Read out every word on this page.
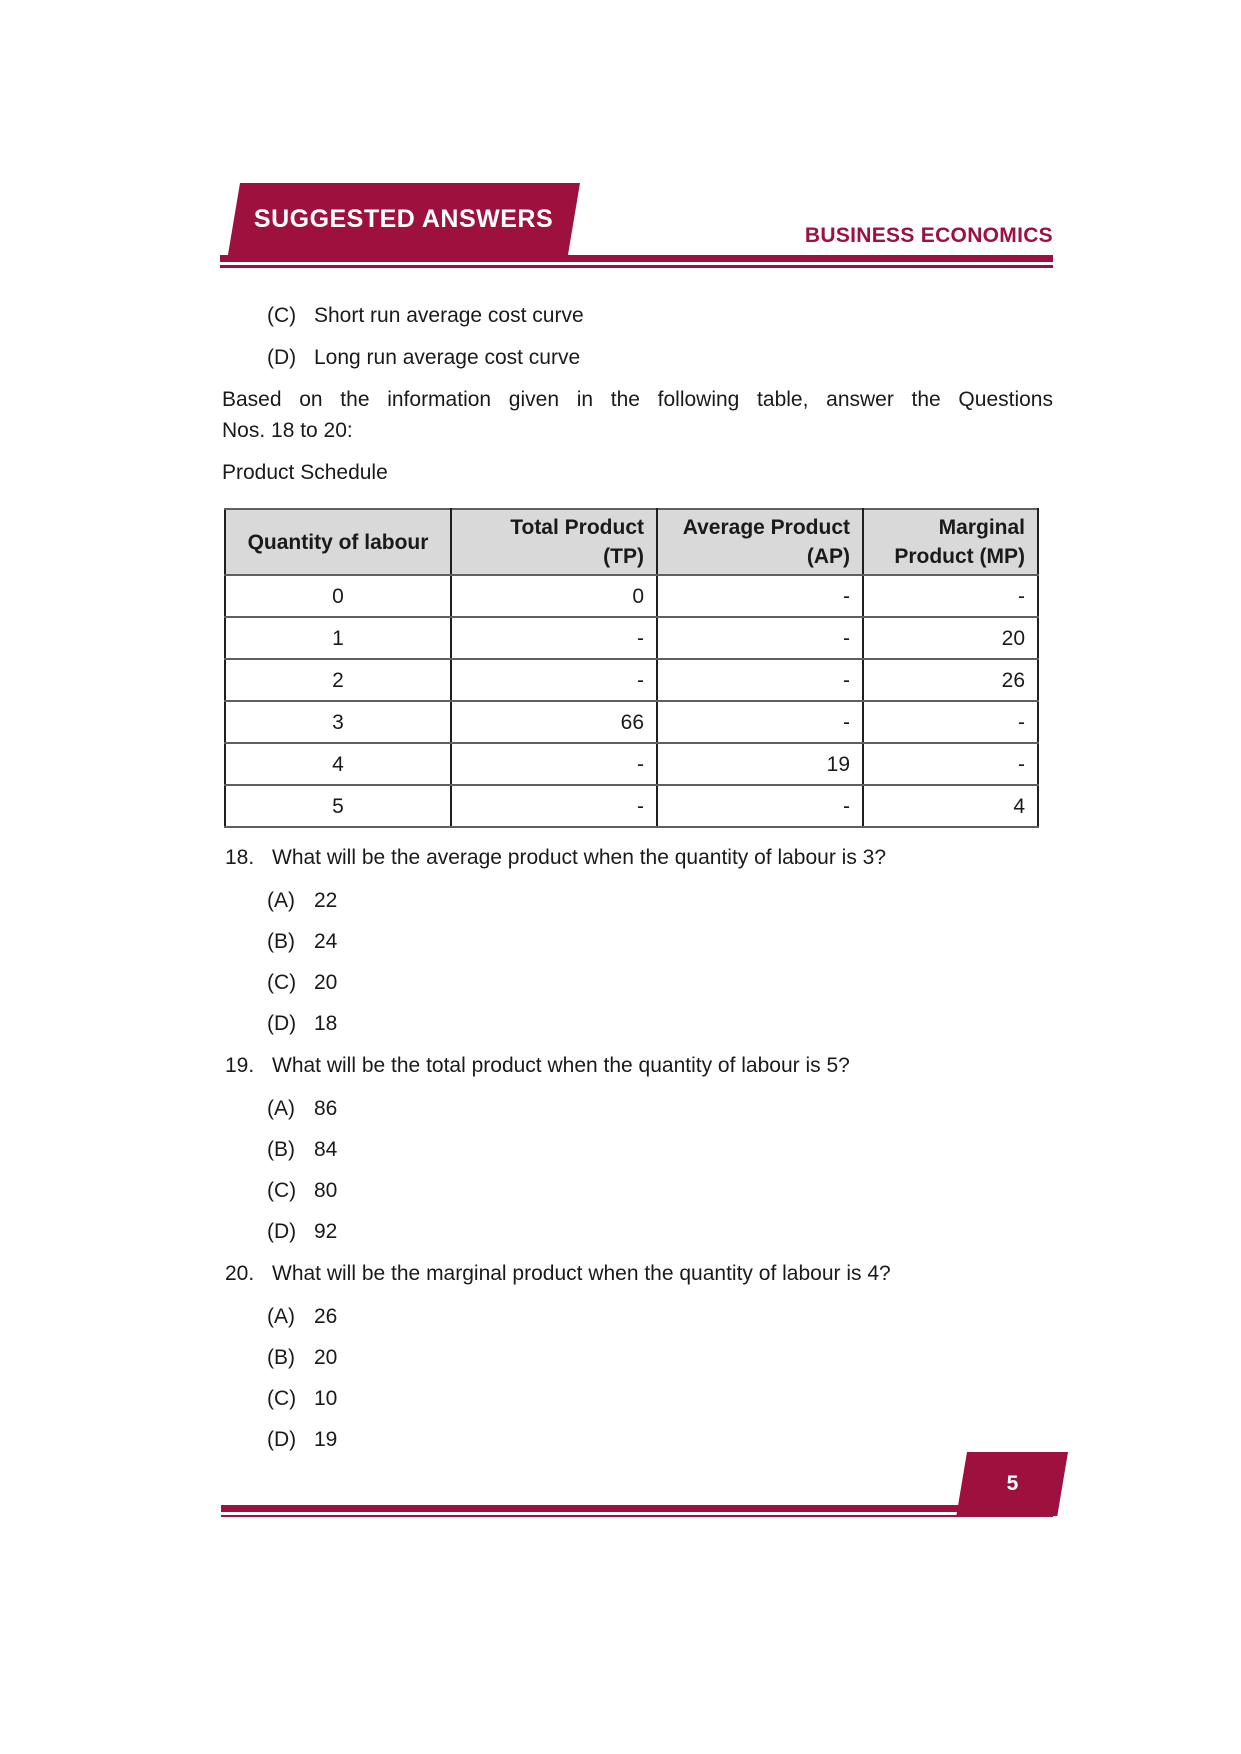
SUGGESTED ANSWERS
BUSINESS ECONOMICS
(C) Short run average cost curve
(D) Long run average cost curve
Based on the information given in the following table, answer the Questions
Nos. 18 to 20:
Product Schedule
Quantity of labour	Total Product (TP)	Average Product (AP)	Marginal Product (MP)
0	0	-	-
1	-	-	20
2	-	-	26
3	66	-	-
4	-	19	-
5	-	-	4
18. What will be the average product when the quantity of labour is 3?
(A) 22
(B) 24
(C) 20
(D) 18
19. What will be the total product when the quantity of labour is 5?
(A) 86
(B) 84
(C) 80
(D) 92
20. What will be the marginal product when the quantity of labour is 4?
(A) 26
(B) 20
(C) 10
(D) 19
5
